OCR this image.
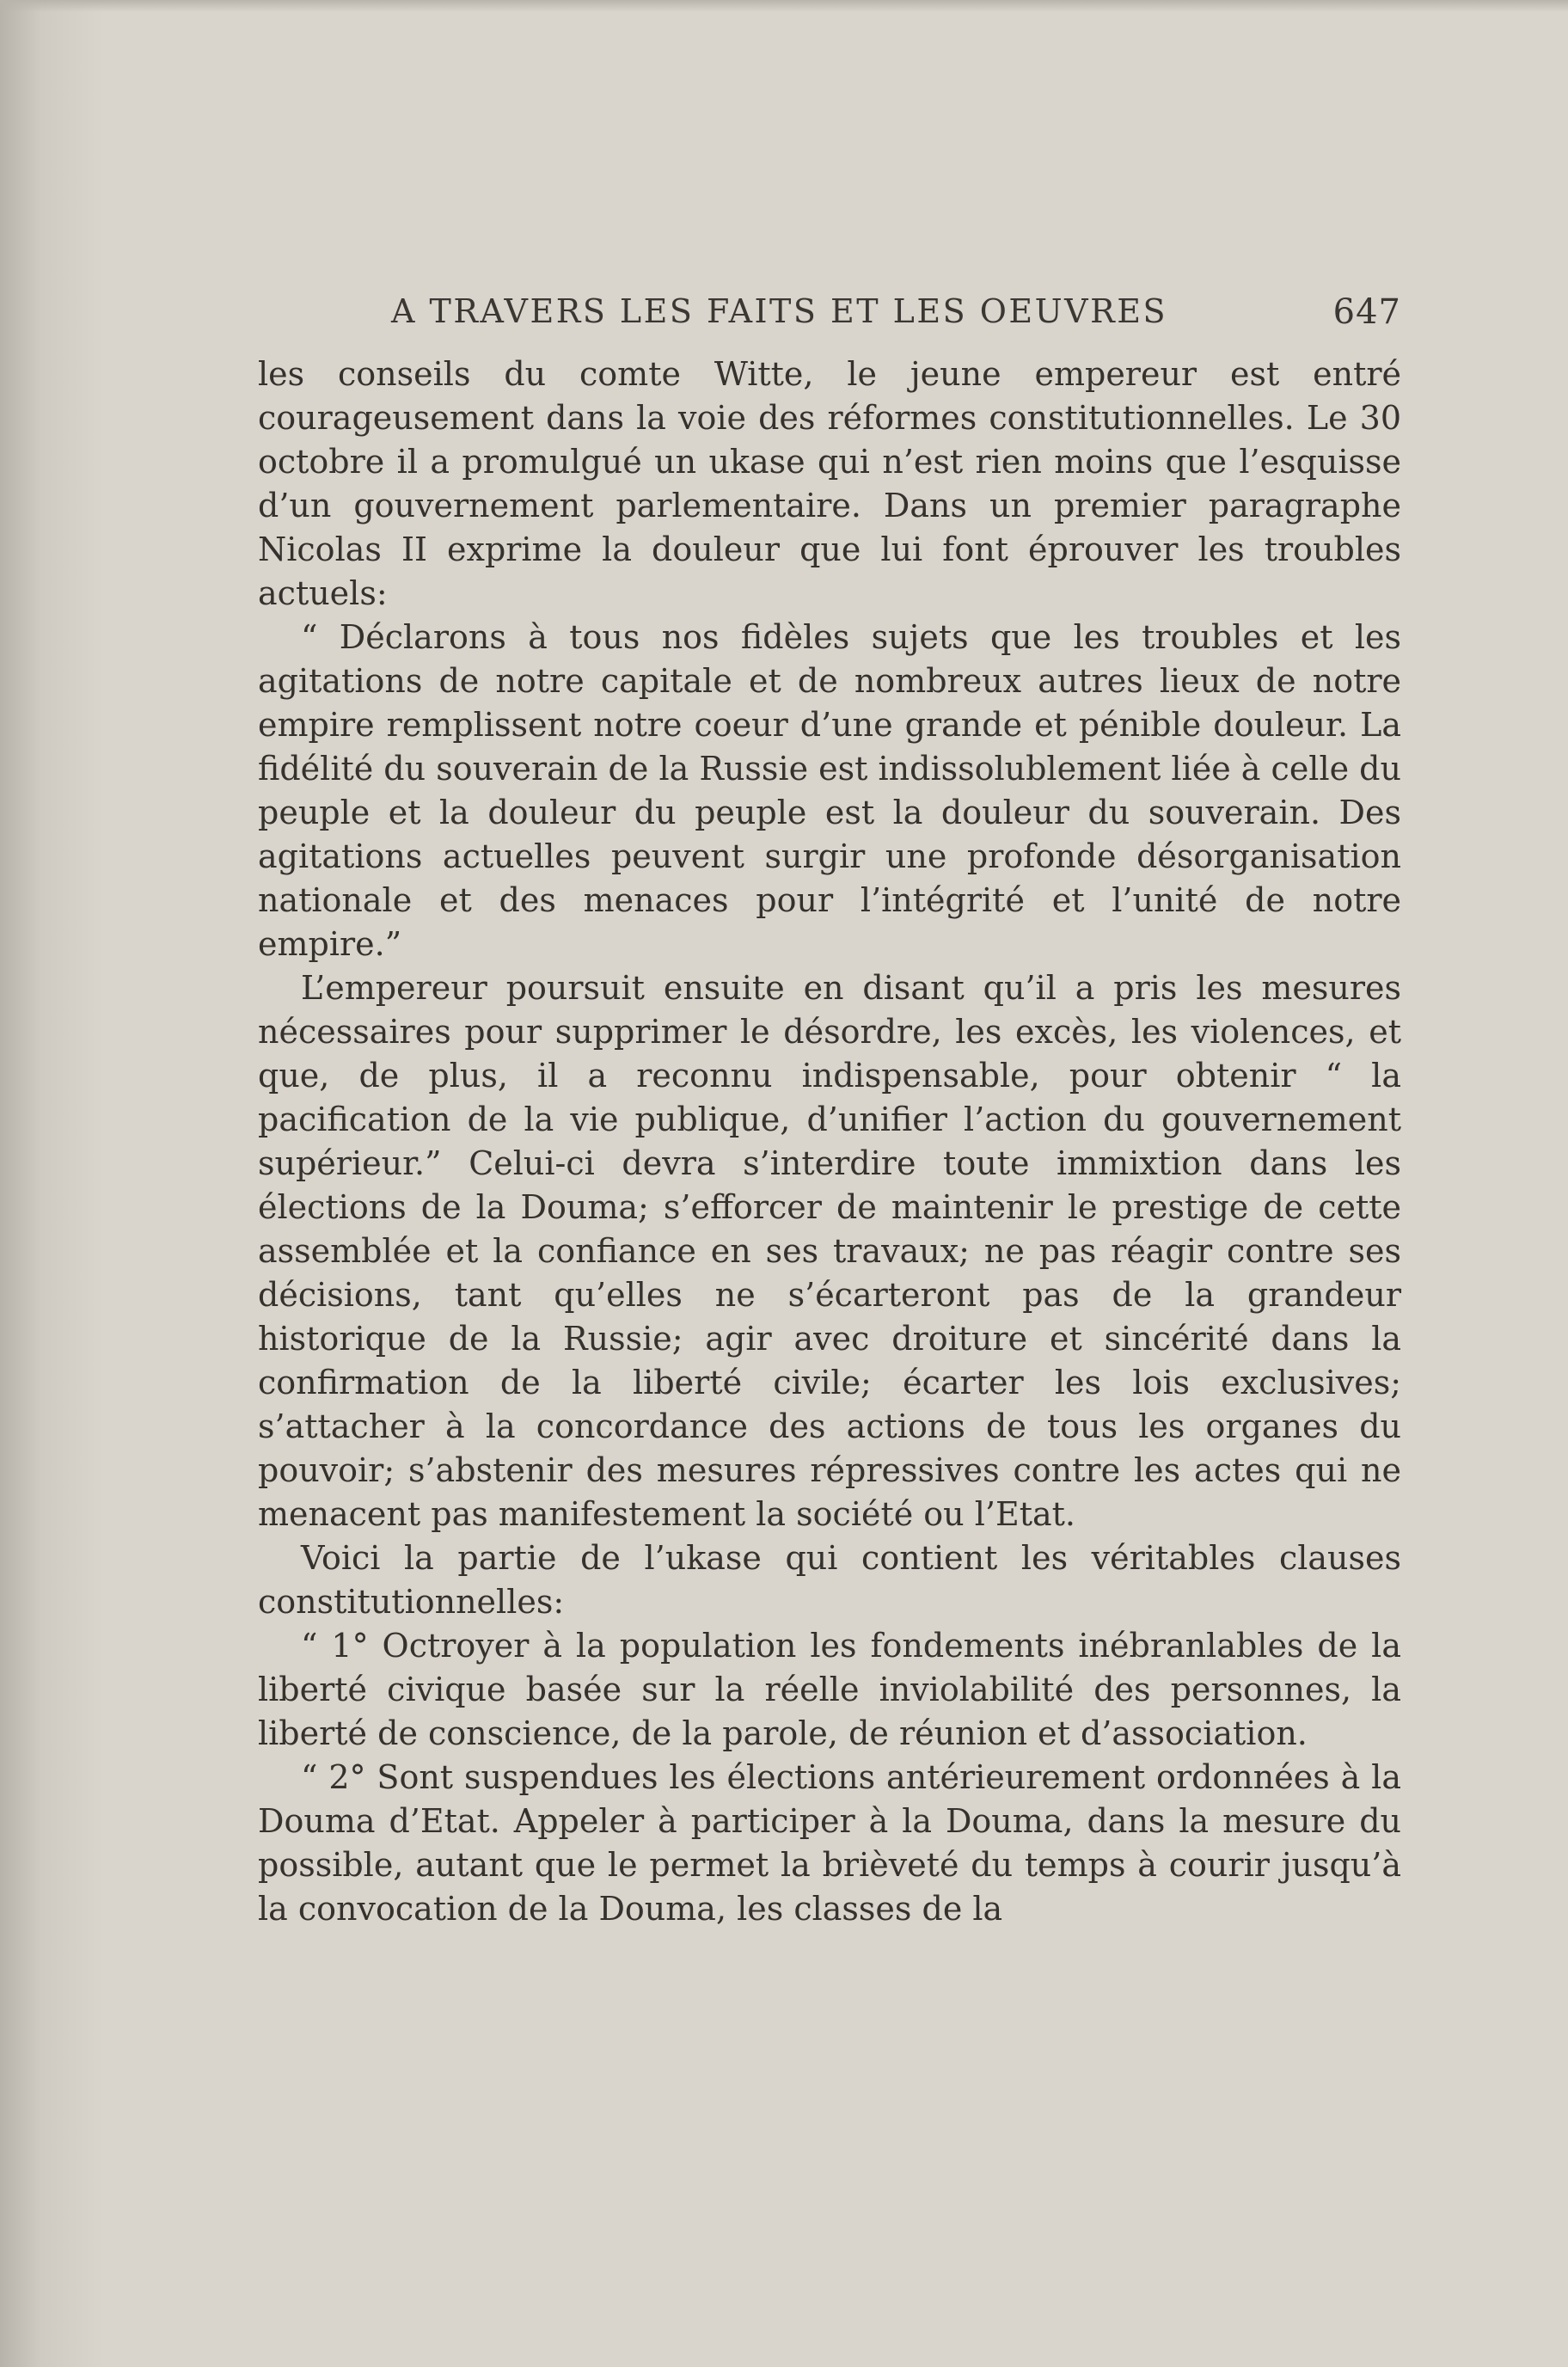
A TRAVERS LES FAITS ET LES OEUVRES	647

les conseils du comte Witte, le jeune empereur est entré courageusement dans la voie des réformes constitutionnelles. Le 30 octobre il a promulgué un ukase qui n’est rien moins que l’esquisse d’un gouvernement parlementaire. Dans un premier paragraphe Nicolas II exprime la douleur que lui font éprouver les troubles actuels:

“ Déclarons à tous nos fidèles sujets que les troubles et les agitations de notre capitale et de nombreux autres lieux de notre empire remplissent notre coeur d’une grande et pénible douleur. La fidélité du souverain de la Russie est indissolublement liée à celle du peuple et la douleur du peuple est la douleur du souverain. Des agitations actuelles peuvent surgir une profonde désorganisation nationale et des menaces pour l’intégrité et l’unité de notre empire.”

L’empereur poursuit ensuite en disant qu’il a pris les mesures nécessaires pour supprimer le désordre, les excès, les violences, et que, de plus, il a reconnu indispensable, pour obtenir “ la pacification de la vie publique, d’unifier l’action du gouvernement supérieur.” Celui-ci devra s’interdire toute immixtion dans les élections de la Douma; s’efforcer de maintenir le prestige de cette assemblée et la confiance en ses travaux; ne pas réagir contre ses décisions, tant qu’elles ne s’écarteront pas de la grandeur historique de la Russie; agir avec droiture et sincérité dans la confirmation de la liberté civile; écarter les lois exclusives; s’attacher à la concordance des actions de tous les organes du pouvoir; s’abstenir des mesures répressives contre les actes qui ne menacent pas manifestement la société ou l’Etat.

Voici la partie de l’ukase qui contient les véritables clauses constitutionnelles:

“ 1° Octroyer à la population les fondements inébranlables de la liberté civique basée sur la réelle inviolabilité des personnes, la liberté de conscience, de la parole, de réunion et d’association.

“ 2° Sont suspendues les élections antérieurement ordonnées à la Douma d’Etat. Appeler à participer à la Douma, dans la mesure du possible, autant que le permet la brièveté du temps à courir jusqu’à la convocation de la Douma, les classes de la
